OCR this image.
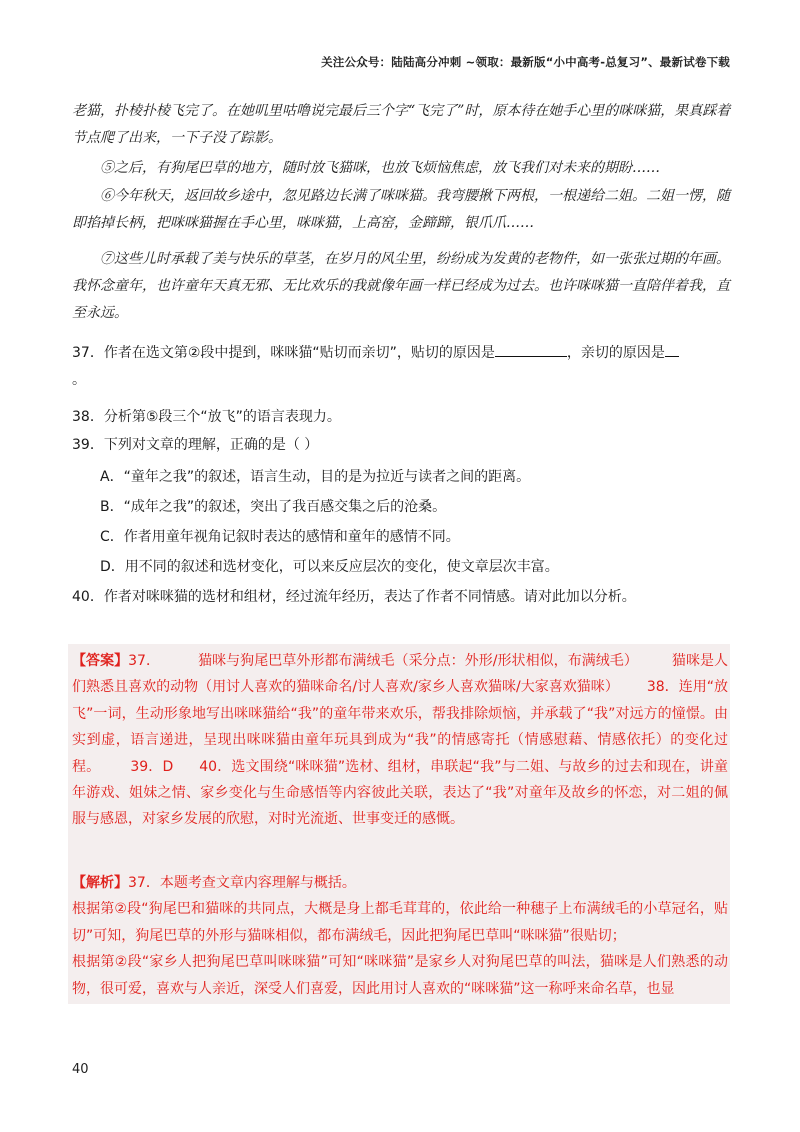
关注公众号：陆陆高分冲刺 ~领取：最新版“小中高考-总复习”、最新试卷下载

老猫，扑棱扑棱飞完了。在她叽里咕噜说完最后三个字“飞完了”时，原本待在她手心里的咪咪猫，果真踩着节点爬了出来，一下子没了踪影。

⑤之后，有狗尾巴草的地方，随时放飞猫咪，也放飞烦恼焦虑，放飞我们对未来的期盼……

⑥今年秋天，返回故乡途中，忽见路边长满了咪咪猫。我弯腰揪下两根，一根递给二姐。二姐一愣，随即掐掉长柄，把咪咪猫握在手心里，咪咪猫，上高窑，金蹄蹄，银爪爪……

⑦这些儿时承载了美与快乐的草茎，在岁月的风尘里，纷纷成为发黄的老物件，如一张张过期的年画。我怀念童年，也许童年天真无邪、无比欢乐的我就像年画一样已经成为过去。也许咪咪猫一直陪伴着我，直至永远。

37．作者在选文第②段中提到，咪咪猫“贴切而亲切”，贴切的原因是	，亲切的原因是
。

38．分析第⑤段三个“放飞”的语言表现力。

39．下列对文章的理解，正确的是（ ）

A．“童年之我”的叙述，语言生动，目的是为拉近与读者之间的距离。

B．“成年之我”的叙述，突出了我百感交集之后的沧桑。

C．作者用童年视角记叙时表达的感情和童年的感情不同。

D．用不同的叙述和选材变化，可以来反应层次的变化，使文章层次丰富。

40．作者对咪咪猫的选材和组材，经过流年经历，表达了作者不同情感。请对此加以分析。

【答案】37．	猫咪与狗尾巴草外形都布满绒毛（采分点：外形/形状相似，布满绒毛） 猫咪是人们熟悉且喜欢的动物（用讨人喜欢的猫咪命名/讨人喜欢/家乡人喜欢猫咪/大家喜欢猫咪） 38．连用“放飞”一词，生动形象地写出咪咪猫给“我”的童年带来欢乐，帮我排除烦恼，并承载了“我”对远方的憧憬。由实到虚，语言递进，呈现出咪咪猫由童年玩具到成为“我”的情感寄托（情感慰藉、情感依托）的变化过程。 39．D 40．选文围绕“咪咪猫”选材、组材，串联起“我”与二姐、与故乡的过去和现在，讲童年游戏、姐妹之情、家乡变化与生命感悟等内容彼此关联，表达了“我”对童年及故乡的怀恋，对二姐的佩服与感恩，对家乡发展的欣慰，对时光流逝、世事变迁的感慨。

【解析】37．本题考查文章内容理解与概括。
根据第②段“狗尾巴和猫咪的共同点，大概是身上都毛茸茸的，依此给一种穗子上布满绒毛的小草冠名，贴切”可知，狗尾巴草的外形与猫咪相似，都布满绒毛，因此把狗尾巴草叫“咪咪猫”很贴切；
根据第②段“家乡人把狗尾巴草叫咪咪猫”可知“咪咪猫”是家乡人对狗尾巴草的叫法，猫咪是人们熟悉的动物，很可爱，喜欢与人亲近，深受人们喜爱，因此用讨人喜欢的“咪咪猫”这一称呼来命名草，也显

40
